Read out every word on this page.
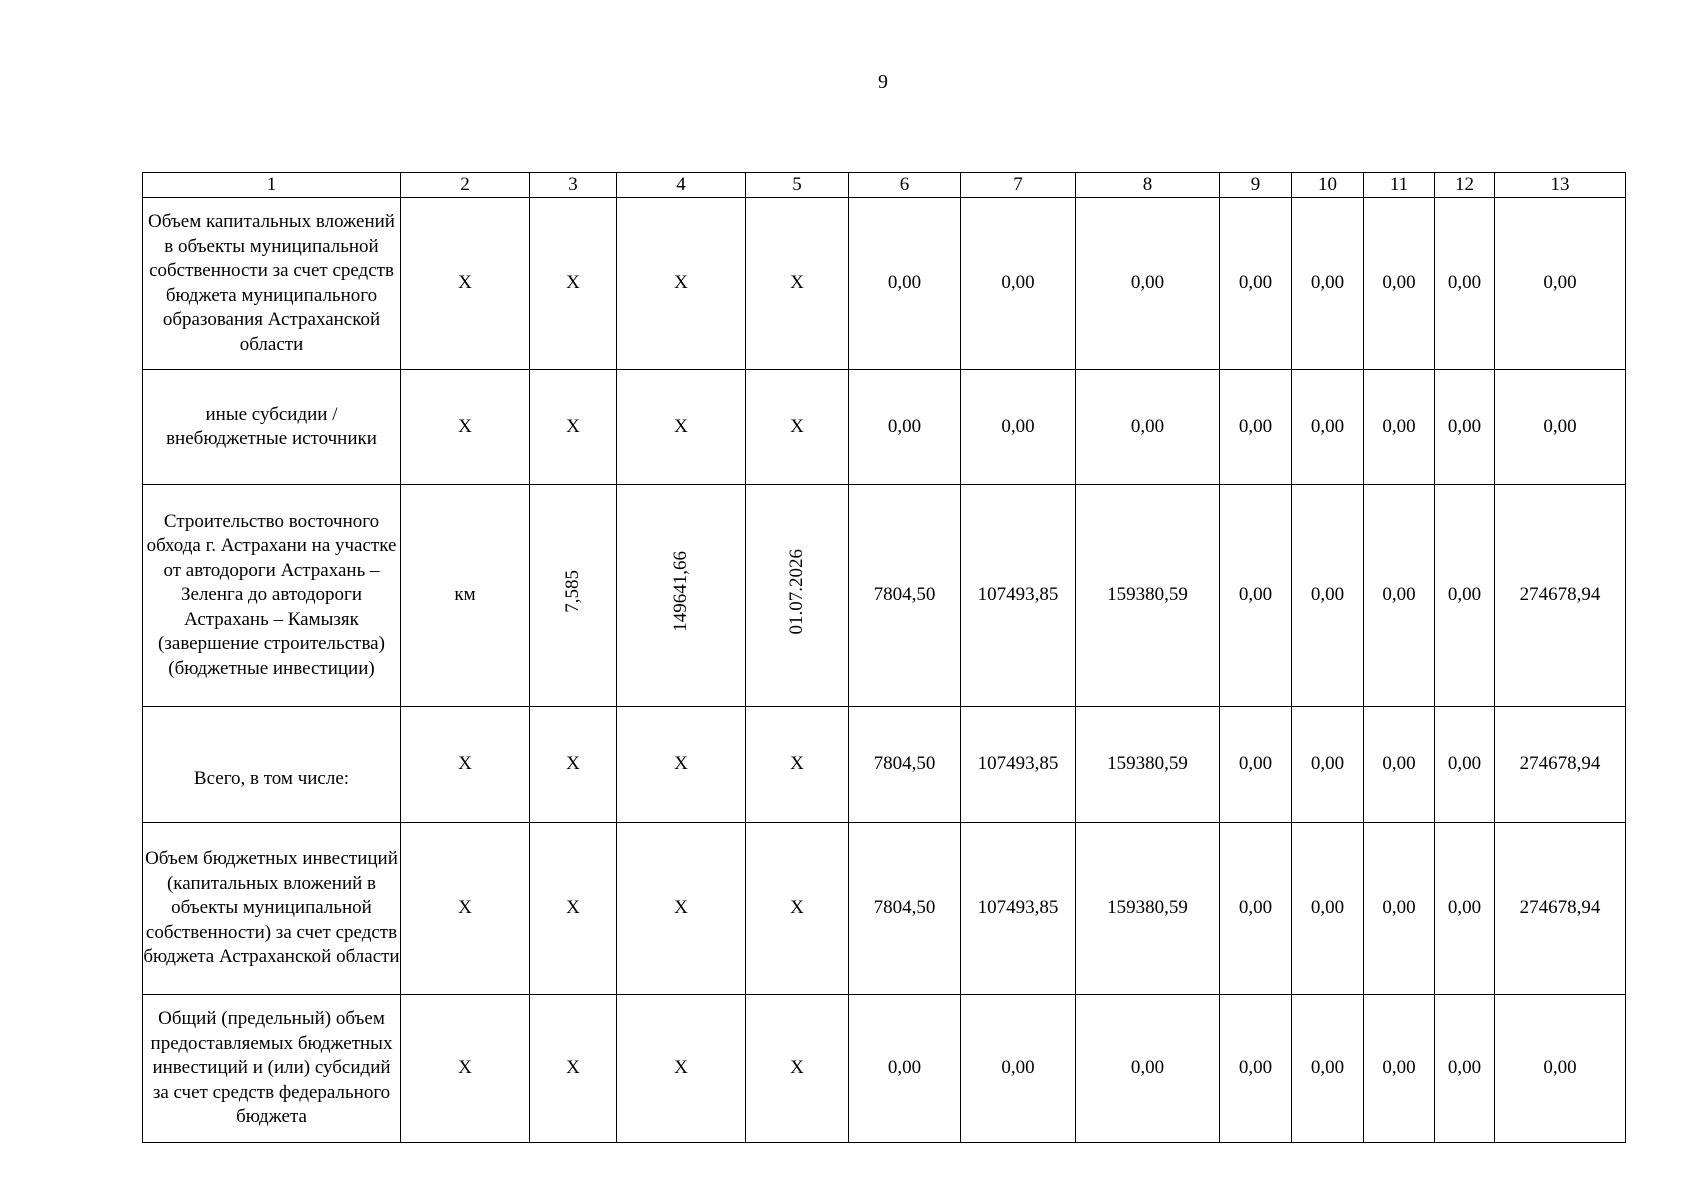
9
1	2	3	4	5	6	7	8	9	10	11	12	13
Объем капитальных вложений в объекты муниципальной собственности за счет средств бюджета муниципального образования Астраханской области	X	X	X	X	0,00	0,00	0,00	0,00	0,00	0,00	0,00	0,00
иные субсидии / внебюджетные источники	X	X	X	X	0,00	0,00	0,00	0,00	0,00	0,00	0,00	0,00
Строительство восточного обхода г. Астрахани на участке от автодороги Астрахань – Зеленга до автодороги Астрахань – Камызяк (завершение строительства) (бюджетные инвестиции)	км	7,585	149641,66	01.07.2026	7804,50	107493,85	159380,59	0,00	0,00	0,00	0,00	274678,94
Всего, в том числе:	X	X	X	X	7804,50	107493,85	159380,59	0,00	0,00	0,00	0,00	274678,94
Объем бюджетных инвестиций (капитальных вложений в объекты муниципальной собственности) за счет средств бюджета Астраханской области	X	X	X	X	7804,50	107493,85	159380,59	0,00	0,00	0,00	0,00	274678,94
Общий (предельный) объем предоставляемых бюджетных инвестиций и (или) субсидий за счет средств федерального бюджета	X	X	X	X	0,00	0,00	0,00	0,00	0,00	0,00	0,00	0,00
